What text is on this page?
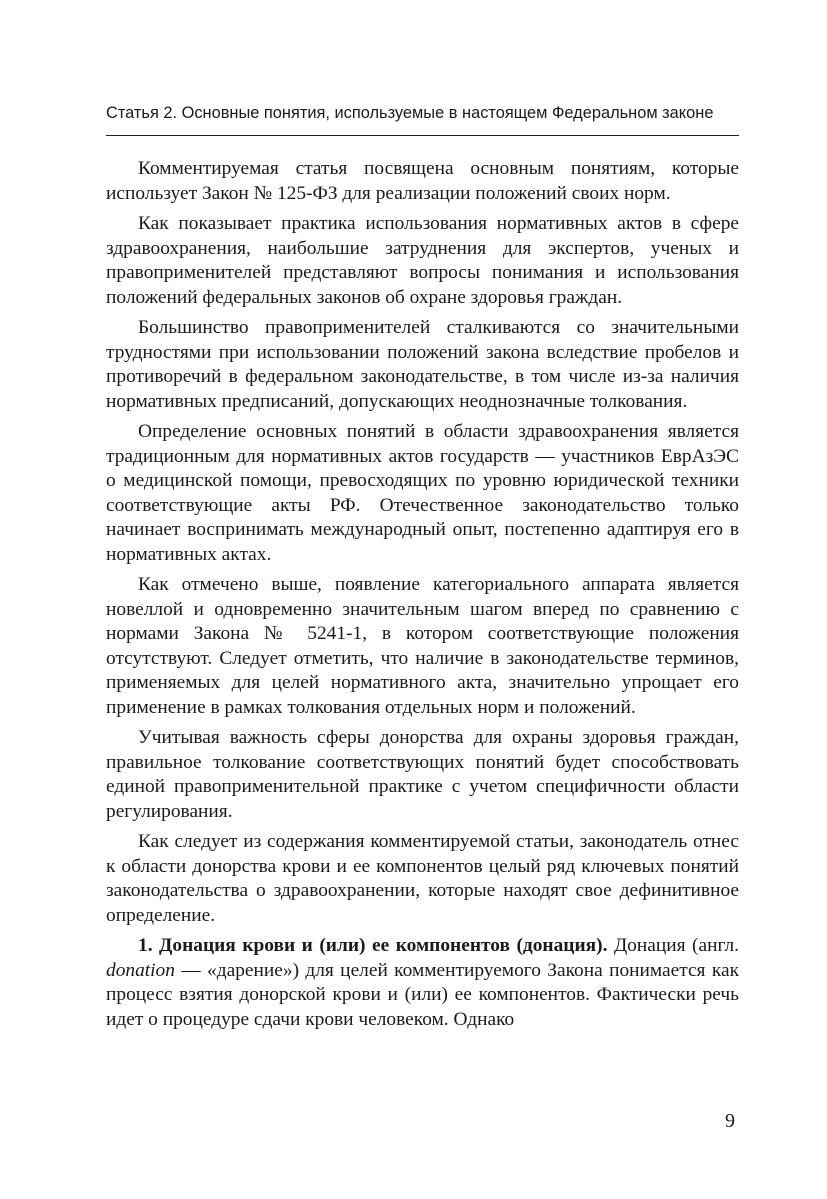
Статья 2. Основные понятия, используемые в настоящем Федеральном законе

Комментируемая статья посвящена основным понятиям, которые использует Закон № 125-ФЗ для реализации положений своих норм.

Как показывает практика использования нормативных актов в сфере здравоохранения, наибольшие затруднения для экспертов, ученых и правоприменителей представляют вопросы понимания и использования положений федеральных законов об охране здоровья граждан.

Большинство правоприменителей сталкиваются со значительными трудностями при использовании положений закона вследствие пробелов и противоречий в федеральном законодательстве, в том числе из-за наличия нормативных предписаний, допускающих неоднозначные толкования.

Определение основных понятий в области здравоохранения является традиционным для нормативных актов государств — участников ЕврАзЭС о медицинской помощи, превосходящих по уровню юридической техники соответствующие акты РФ. Отечественное законодательство только начинает воспринимать международный опыт, постепенно адаптируя его в нормативных актах.

Как отмечено выше, появление категориального аппарата является новеллой и одновременно значительным шагом вперед по сравнению с нормами Закона № 5241-1, в котором соответствующие положения отсутствуют. Следует отметить, что наличие в законодательстве терминов, применяемых для целей нормативного акта, значительно упрощает его применение в рамках толкования отдельных норм и положений.

Учитывая важность сферы донорства для охраны здоровья граждан, правильное толкование соответствующих понятий будет способствовать единой правоприменительной практике с учетом специфичности области регулирования.

Как следует из содержания комментируемой статьи, законодатель отнес к области донорства крови и ее компонентов целый ряд ключевых понятий законодательства о здравоохранении, которые находят свое дефинитивное определение.

1. Донация крови и (или) ее компонентов (донация). Донация (англ. donation — «дарение») для целей комментируемого Закона понимается как процесс взятия донорской крови и (или) ее компонентов. Фактически речь идет о процедуре сдачи крови человеком. Однако

9
